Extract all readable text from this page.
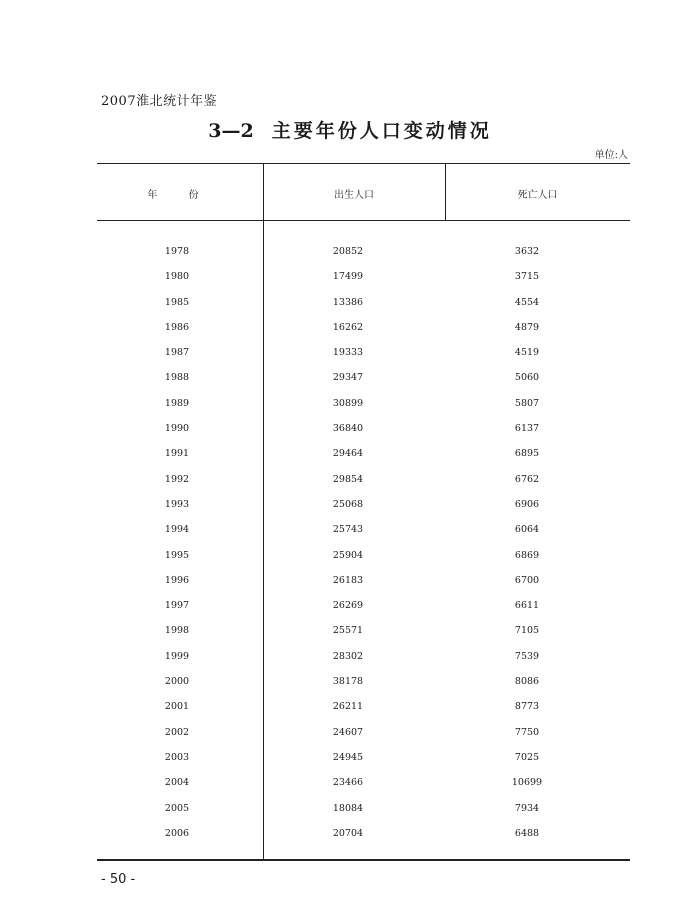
2007淮北统计年鉴
3—2 主要年份人口变动情况
单位:人
年 份	出生人口	死亡人口
1978	20852	3632
1980	17499	3715
1985	13386	4554
1986	16262	4879
1987	19333	4519
1988	29347	5060
1989	30899	5807
1990	36840	6137
1991	29464	6895
1992	29854	6762
1993	25068	6906
1994	25743	6064
1995	25904	6869
1996	26183	6700
1997	26269	6611
1998	25571	7105
1999	28302	7539
2000	38178	8086
2001	26211	8773
2002	24607	7750
2003	24945	7025
2004	23466	10699
2005	18084	7934
2006	20704	6488
- 50 -
